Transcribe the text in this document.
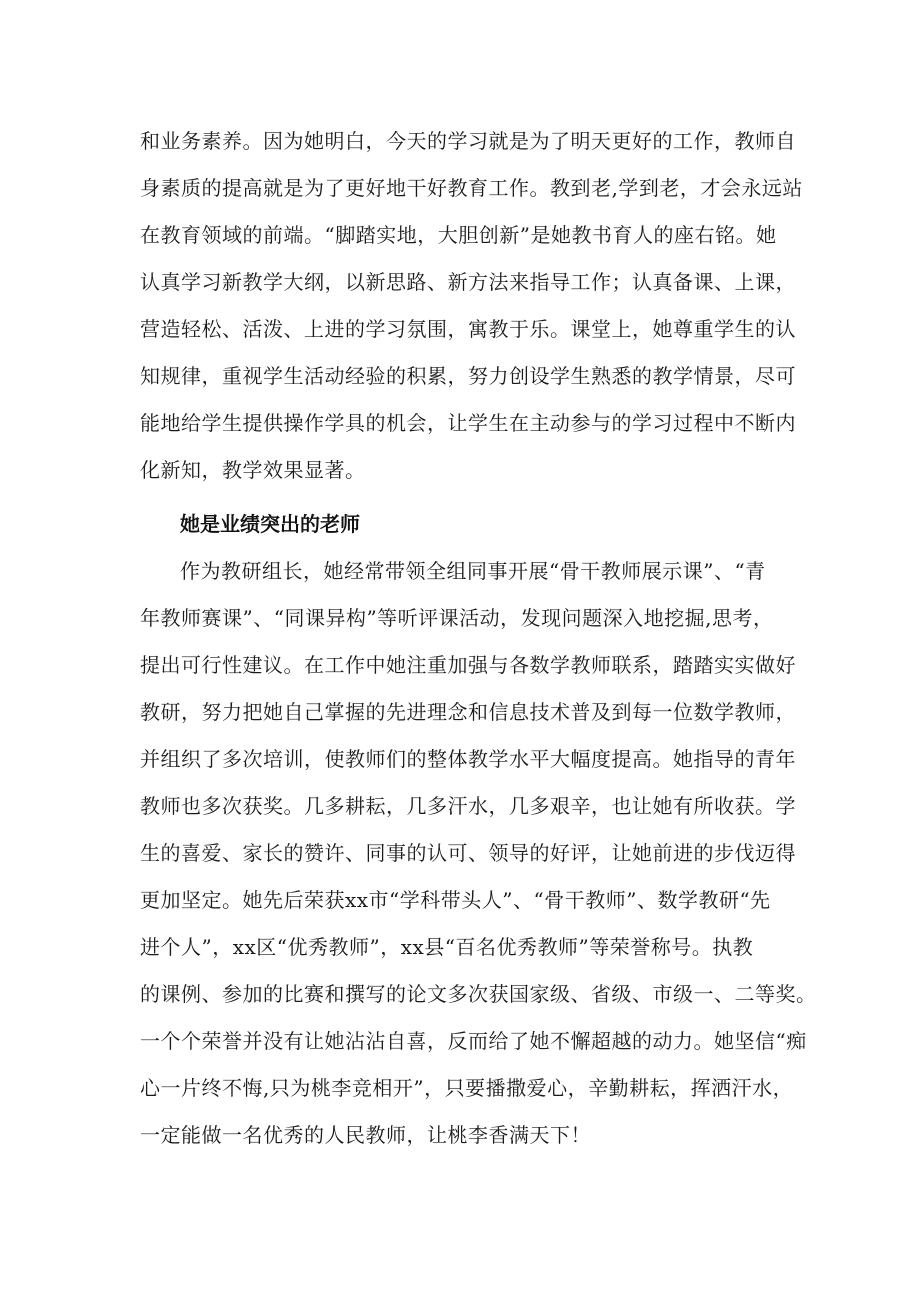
和业务素养。因为她明白，今天的学习就是为了明天更好的工作，教师自
身素质的提高就是为了更好地干好教育工作。教到老,学到老，才会永远站
在教育领域的前端。“脚踏实地，大胆创新”是她教书育人的座右铭。她
认真学习新教学大纲，以新思路、新方法来指导工作；认真备课、上课，
营造轻松、活泼、上进的学习氛围，寓教于乐。课堂上，她尊重学生的认
知规律，重视学生活动经验的积累，努力创设学生熟悉的教学情景，尽可
能地给学生提供操作学具的机会，让学生在主动参与的学习过程中不断内
化新知，教学效果显著。
她是业绩突出的老师
作为教研组长，她经常带领全组同事开展“骨干教师展示课”、“青
年教师赛课”、“同课异构”等听评课活动，发现问题深入地挖掘,思考，
提出可行性建议。在工作中她注重加强与各数学教师联系，踏踏实实做好
教研，努力把她自己掌握的先进理念和信息技术普及到每一位数学教师，
并组织了多次培训，使教师们的整体教学水平大幅度提高。她指导的青年
教师也多次获奖。几多耕耘，几多汗水，几多艰辛，也让她有所收获。学
生的喜爱、家长的赞许、同事的认可、领导的好评，让她前进的步伐迈得
更加坚定。她先后荣获xx市“学科带头人”、“骨干教师”、数学教研“先
进个人”，xx区“优秀教师”，xx县“百名优秀教师”等荣誉称号。执教
的课例、参加的比赛和撰写的论文多次获国家级、省级、市级一、二等奖。
一个个荣誉并没有让她沾沾自喜，反而给了她不懈超越的动力。她坚信“痴
心一片终不悔,只为桃李竞相开”，只要播撒爱心，辛勤耕耘，挥洒汗水，
一定能做一名优秀的人民教师，让桃李香满天下！
